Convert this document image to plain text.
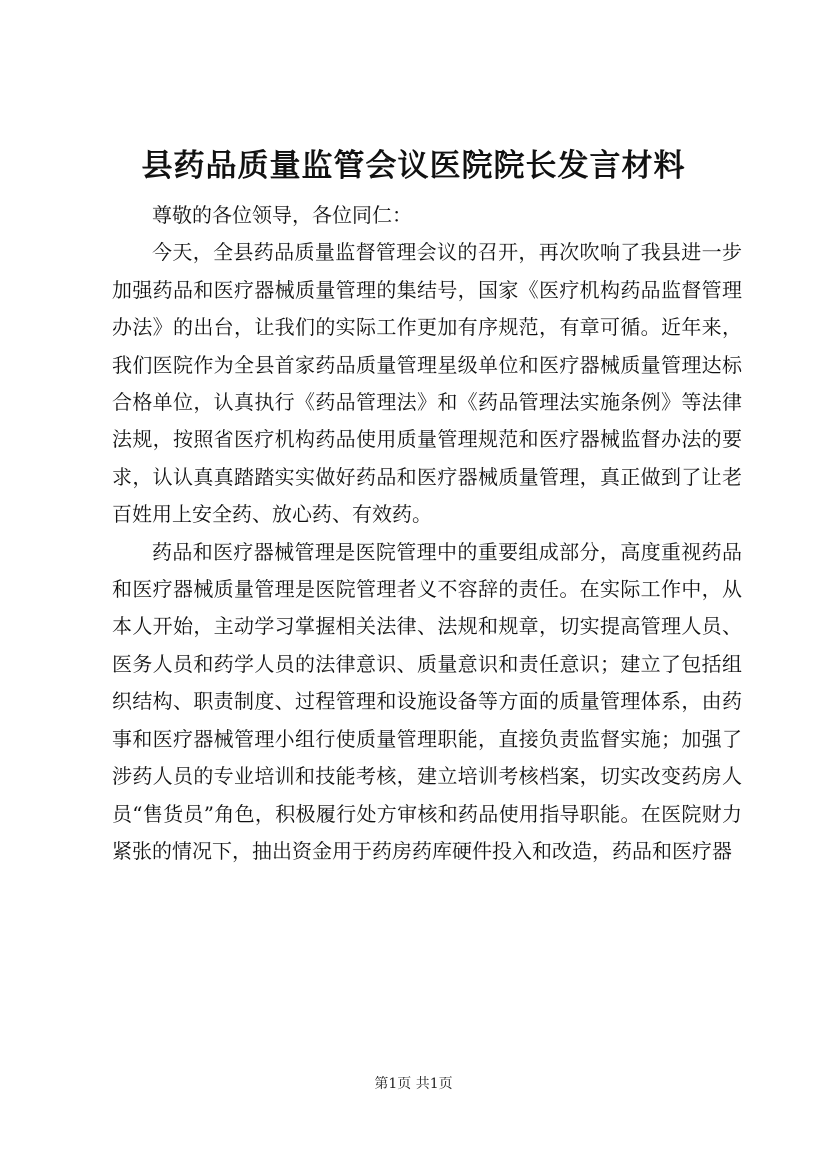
县药品质量监管会议医院院长发言材料

尊敬的各位领导，各位同仁：

今天，全县药品质量监督管理会议的召开，再次吹响了我县进一步加强药品和医疗器械质量管理的集结号，国家《医疗机构药品监督管理办法》的出台，让我们的实际工作更加有序规范，有章可循。近年来，我们医院作为全县首家药品质量管理星级单位和医疗器械质量管理达标合格单位，认真执行《药品管理法》和《药品管理法实施条例》等法律法规，按照省医疗机构药品使用质量管理规范和医疗器械监督办法的要求，认认真真踏踏实实做好药品和医疗器械质量管理，真正做到了让老百姓用上安全药、放心药、有效药。

药品和医疗器械管理是医院管理中的重要组成部分，高度重视药品和医疗器械质量管理是医院管理者义不容辞的责任。在实际工作中，从本人开始，主动学习掌握相关法律、法规和规章，切实提高管理人员、医务人员和药学人员的法律意识、质量意识和责任意识；建立了包括组织结构、职责制度、过程管理和设施设备等方面的质量管理体系，由药事和医疗器械管理小组行使质量管理职能，直接负责监督实施；加强了涉药人员的专业培训和技能考核，建立培训考核档案，切实改变药房人员“售货员”角色，积极履行处方审核和药品使用指导职能。在医院财力紧张的情况下，抽出资金用于药房药库硬件投入和改造，药品和医疗器

第1页 共1页
